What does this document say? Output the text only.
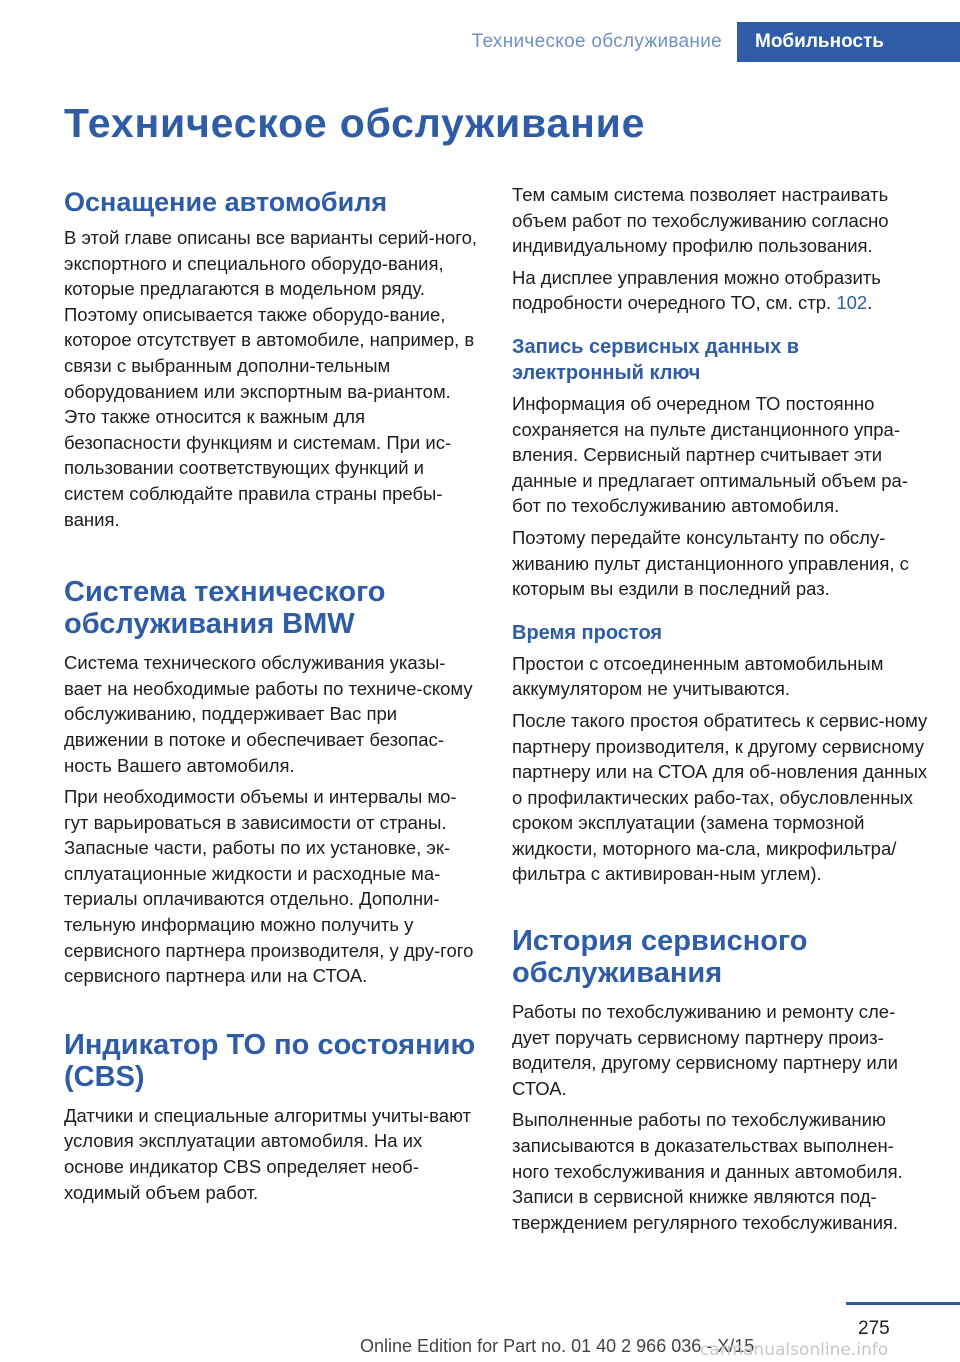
Техническое обслуживание	Мобильность
Техническое обслуживание
Оснащение автомобиля

В этой главе описаны все варианты серий-ного, экспортного и специального оборудо-вания, которые предлагаются в модельном ряду. Поэтому описывается также оборудо-вание, которое отсутствует в автомобиле, например, в связи с выбранным дополни-тельным оборудованием или экспортным ва-риантом. Это также относится к важным для безопасности функциям и системам. При ис-пользовании соответствующих функций и систем соблюдайте правила страны пребы-вания.

Система технического обслуживания BMW

Система технического обслуживания указы-вает на необходимые работы по техниче-скому обслуживанию, поддерживает Вас при движении в потоке и обеспечивает безопас-ность Вашего автомобиля.

При необходимости объемы и интервалы мо-гут варьироваться в зависимости от страны. Запасные части, работы по их установке, эк-сплуатационные жидкости и расходные ма-териалы оплачиваются отдельно. Дополни-тельную информацию можно получить у сервисного партнера производителя, у дру-гого сервисного партнера или на СТОА.

Индикатор ТО по состоянию (CBS)

Датчики и специальные алгоритмы учиты-вают условия эксплуатации автомобиля. На их основе индикатор CBS определяет необ-ходимый объем работ.

Тем самым система позволяет настраивать объем работ по техобслуживанию согласно индивидуальному профилю пользования.

На дисплее управления можно отобразить подробности очередного ТО, см. стр. 102.

Запись сервисных данных в электронный ключ

Информация об очередном ТО постоянно сохраняется на пульте дистанционного упра-вления. Сервисный партнер считывает эти данные и предлагает оптимальный объем ра-бот по техобслуживанию автомобиля.

Поэтому передайте консультанту по обслу-живанию пульт дистанционного управления, с которым вы ездили в последний раз.

Время простоя

Простои с отсоединенным автомобильным аккумулятором не учитываются.

После такого простоя обратитесь к сервис-ному партнеру производителя, к другому сервисному партнеру или на СТОА для об-новления данных о профилактических рабо-тах, обусловленных сроком эксплуатации (замена тормозной жидкости, моторного ма-сла, микрофильтра/фильтра с активирован-ным углем).

История сервисного обслуживания

Работы по техобслуживанию и ремонту сле-дует поручать сервисному партнеру произ-водителя, другому сервисному партнеру или СТОА.

Выполненные работы по техобслуживанию записываются в доказательствах выполнен-ного техобслуживания и данных автомобиля. Записи в сервисной книжке являются под-тверждением регулярного техобслуживания.

275
Online Edition for Part no. 01 40 2 966 036 - X/15
carmanualsonline.info
